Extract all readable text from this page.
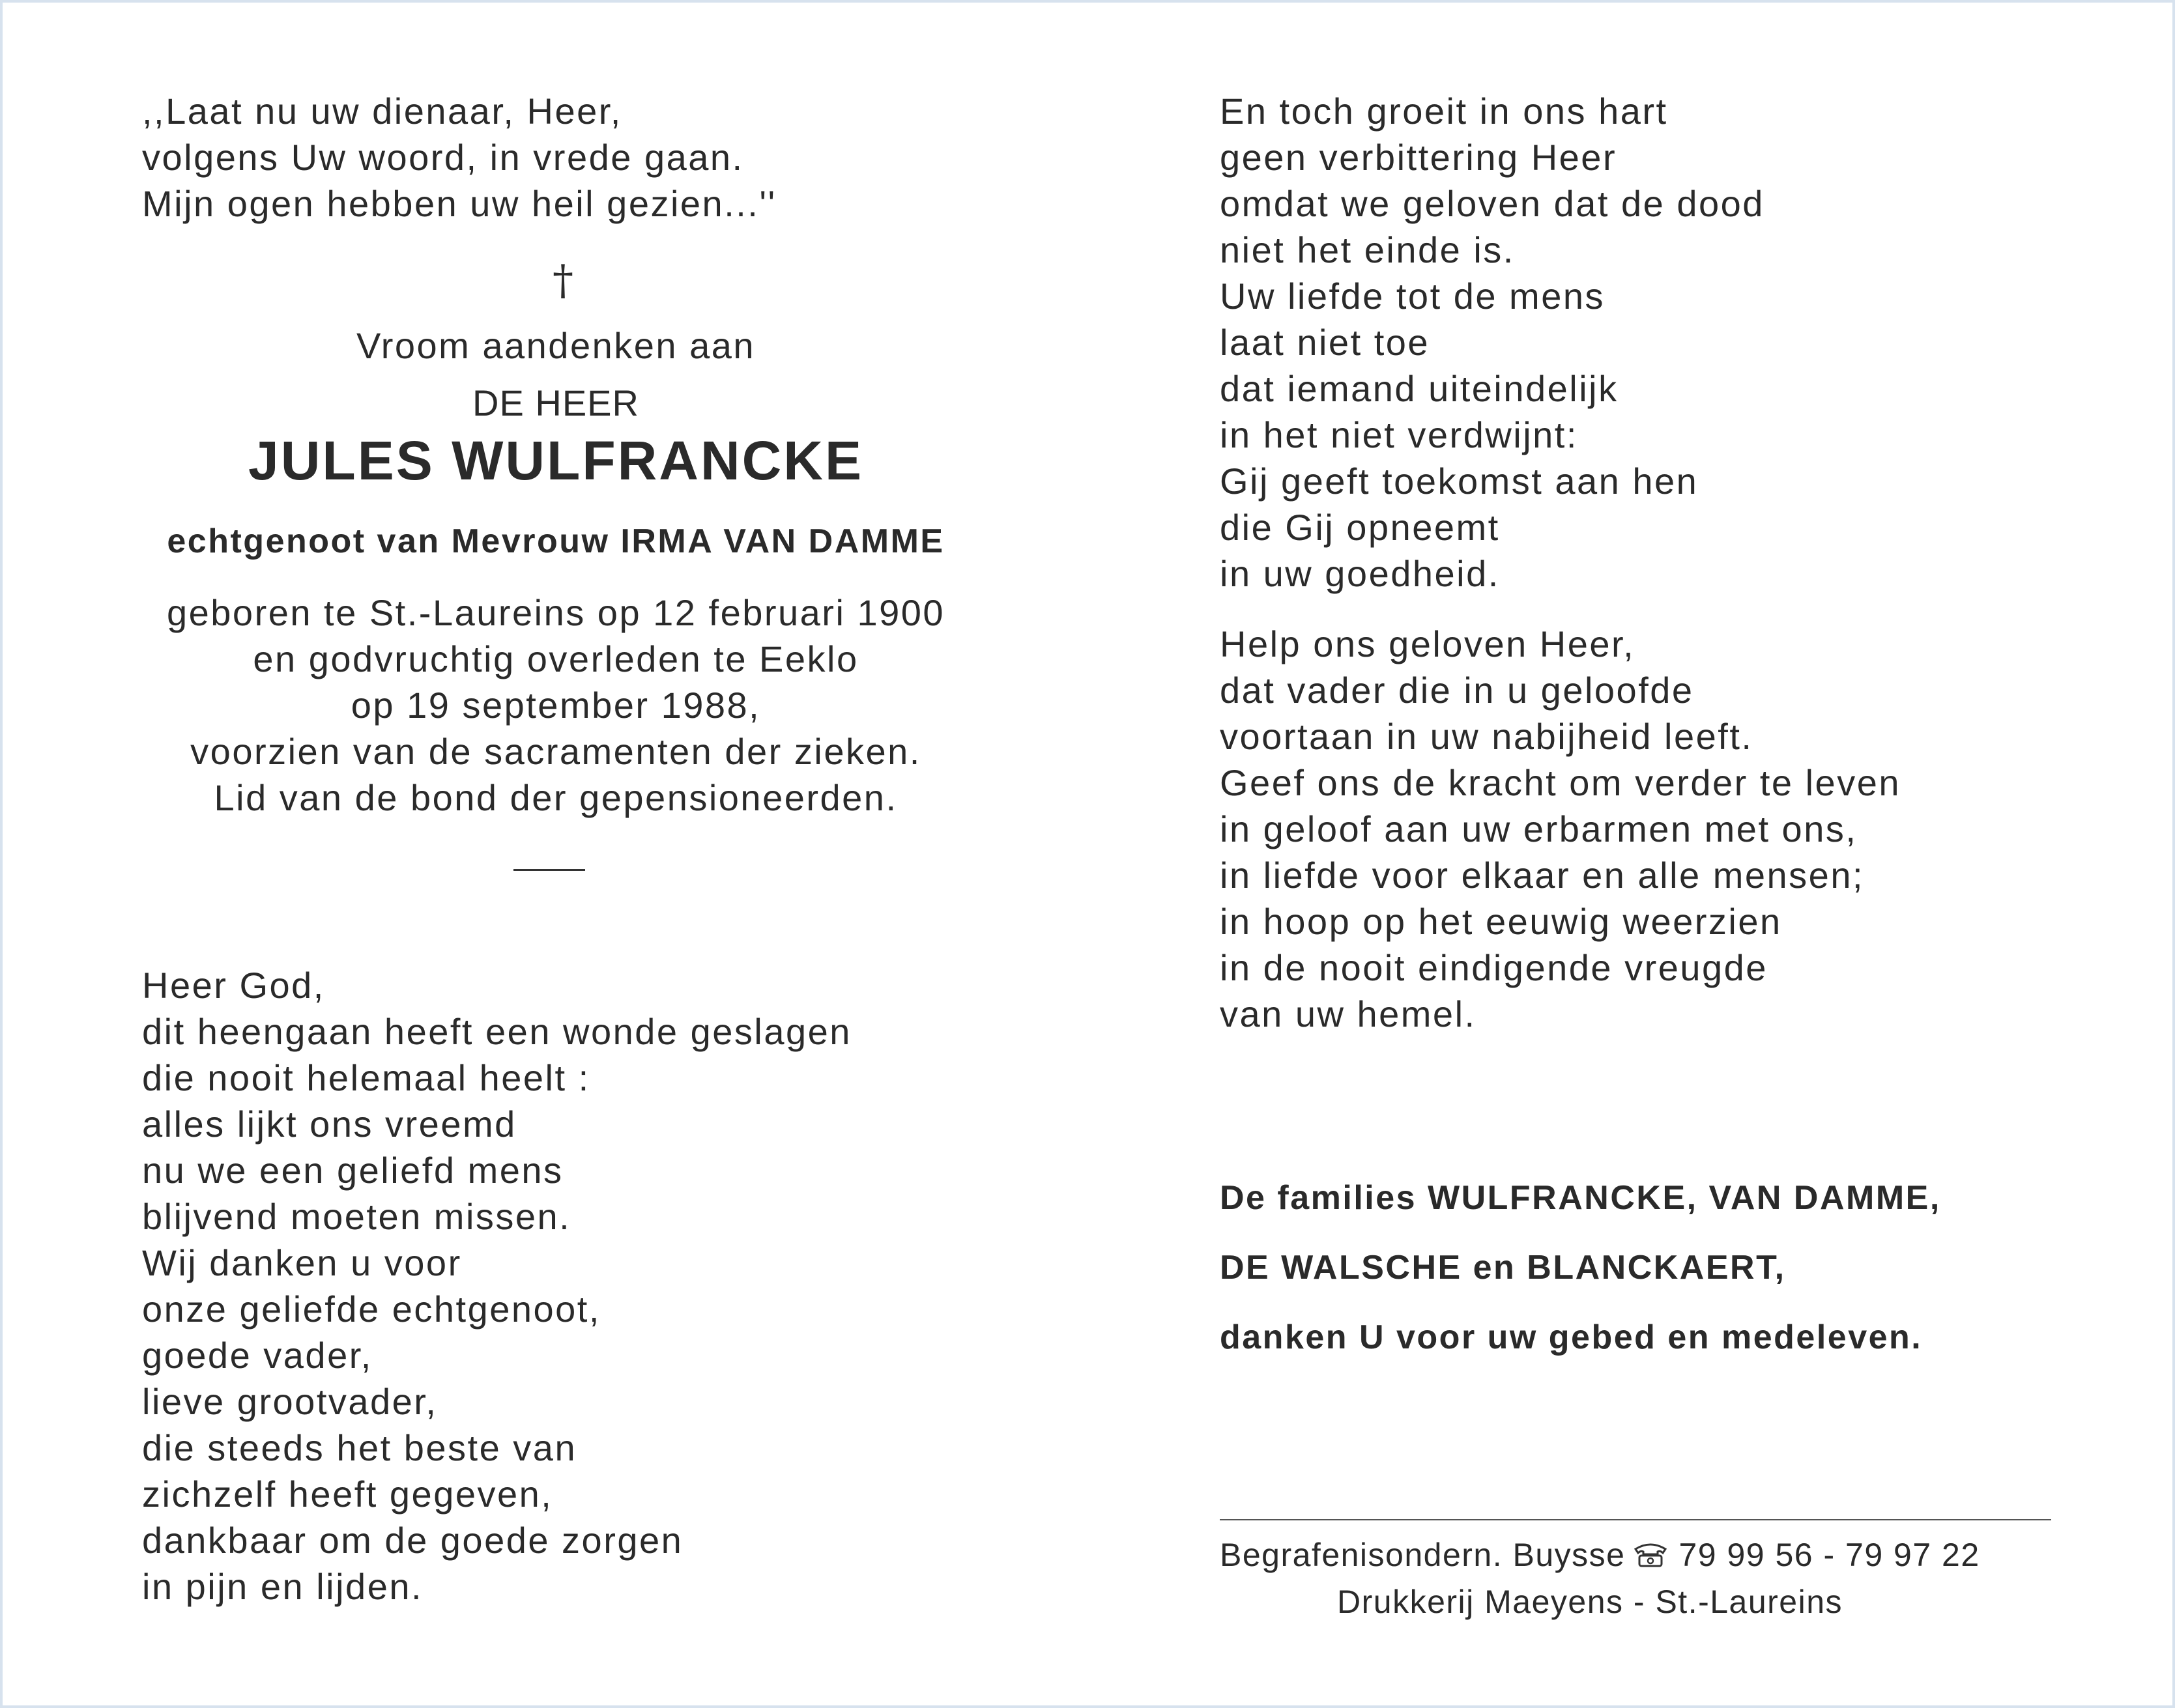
,,Laat nu uw dienaar, Heer,
volgens Uw woord, in vrede gaan.
Mijn ogen hebben uw heil gezien...''
†
Vroom aandenken aan
DE HEER
JULES WULFRANCKE
echtgenoot van Mevrouw IRMA VAN DAMME
geboren te St.-Laureins op 12 februari 1900
en godvruchtig overleden te Eeklo
op 19 september 1988,
voorzien van de sacramenten der zieken.
Lid van de bond der gepensioneerden.
Heer God,
dit heengaan heeft een wonde geslagen
die nooit helemaal heelt :
alles lijkt ons vreemd
nu we een geliefd mens
blijvend moeten missen.
Wij danken u voor
onze geliefde echtgenoot,
goede vader,
lieve grootvader,
die steeds het beste van
zichzelf heeft gegeven,
dankbaar om de goede zorgen
in pijn en lijden.
En toch groeit in ons hart
geen verbittering Heer
omdat we geloven dat de dood
niet het einde is.
Uw liefde tot de mens
laat niet toe
dat iemand uiteindelijk
in het niet verdwijnt:
Gij geeft toekomst aan hen
die Gij opneemt
in uw goedheid.
Help ons geloven Heer,
dat vader die in u geloofde
voortaan in uw nabijheid leeft.
Geef ons de kracht om verder te leven
in geloof aan uw erbarmen met ons,
in liefde voor elkaar en alle mensen;
in hoop op het eeuwig weerzien
in de nooit eindigende vreugde
van uw hemel.
De families WULFRANCKE, VAN DAMME,
DE WALSCHE en BLANCKAERT,
danken U voor uw gebed en medeleven.
Begrafenisondern. Buysse 79 99 56 - 79 97 22
Drukkerij Maeyens - St.-Laureins
